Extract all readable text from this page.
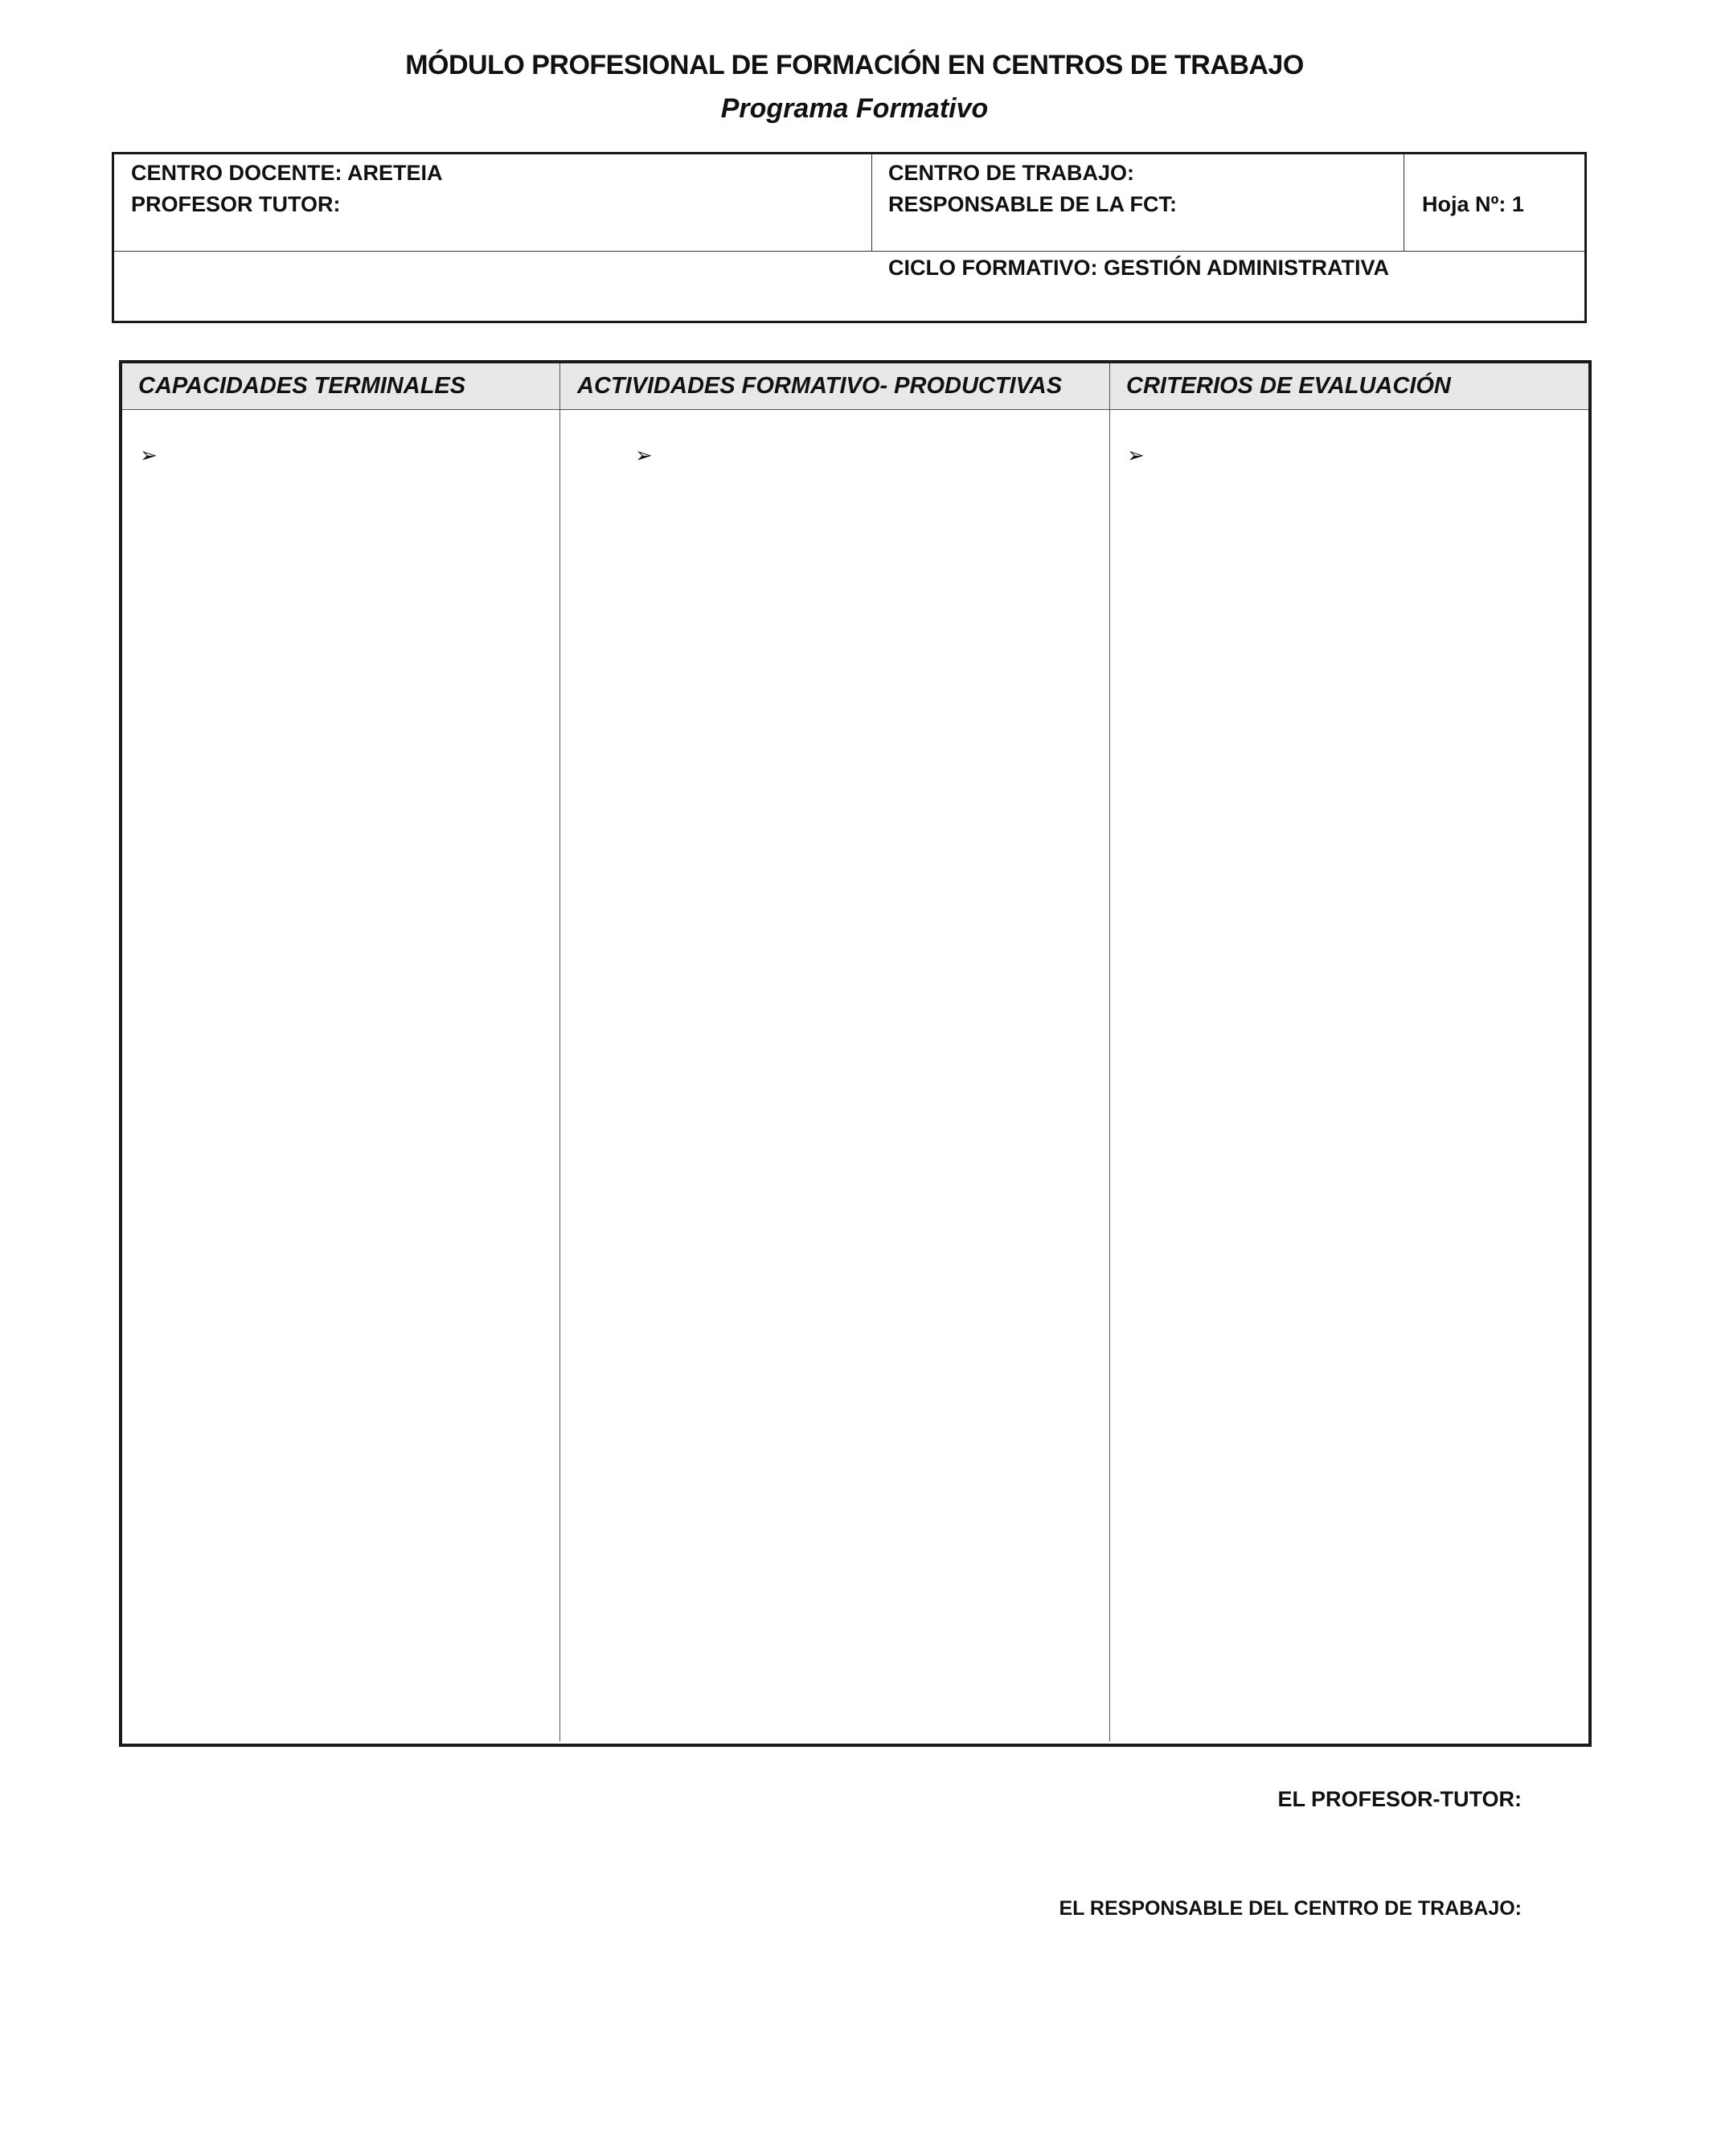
MÓDULO PROFESIONAL DE FORMACIÓN EN CENTROS DE TRABAJO
Programa Formativo
CENTRO DOCENTE: ARETEIA
PROFESOR TUTOR:
CENTRO DE TRABAJO:
RESPONSABLE DE LA FCT:	Hoja Nº: 1
CICLO FORMATIVO: GESTIÓN ADMINISTRATIVA
CAPACIDADES TERMINALES	ACTIVIDADES FORMATIVO- PRODUCTIVAS	CRITERIOS DE EVALUACIÓN
➢	➢	➢
EL PROFESOR-TUTOR:
EL RESPONSABLE DEL CENTRO DE TRABAJO:
